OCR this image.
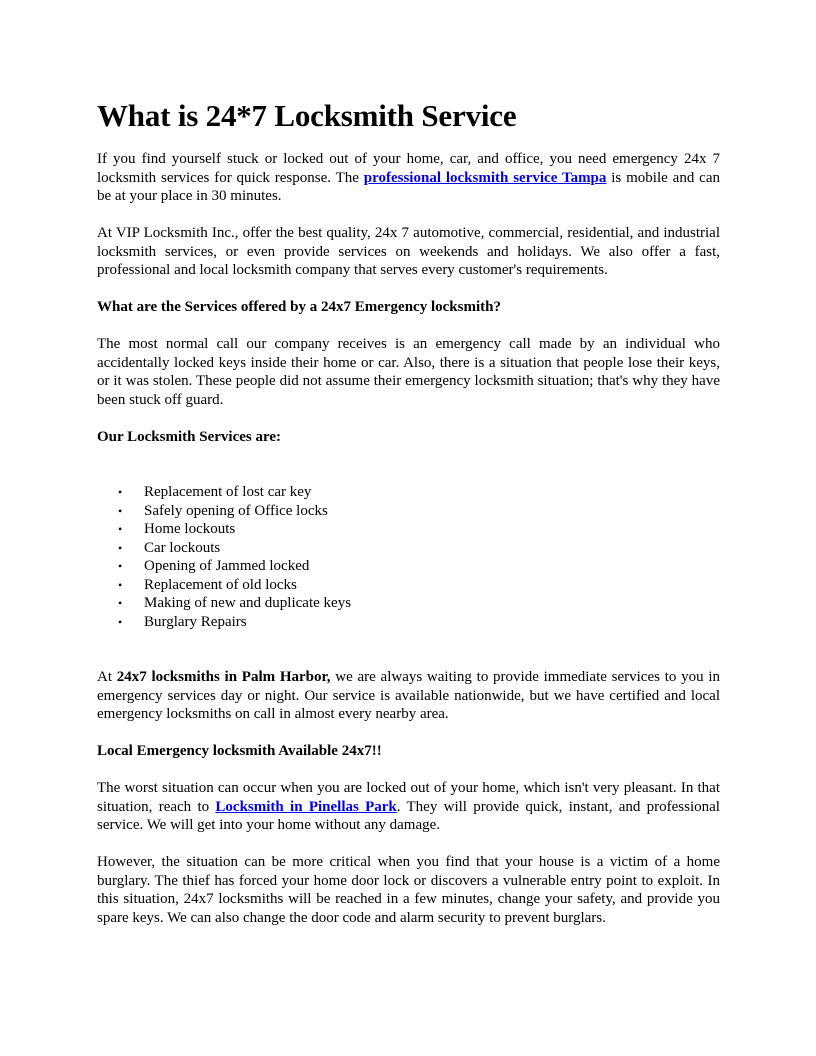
What is 24*7 Locksmith Service

If you find yourself stuck or locked out of your home, car, and office, you need emergency 24x 7 locksmith services for quick response. The professional locksmith service Tampa is mobile and can be at your place in 30 minutes.

At VIP Locksmith Inc., offer the best quality, 24x 7 automotive, commercial, residential, and industrial locksmith services, or even provide services on weekends and holidays. We also offer a fast, professional and local locksmith company that serves every customer's requirements.

What are the Services offered by a 24x7 Emergency locksmith?

The most normal call our company receives is an emergency call made by an individual who accidentally locked keys inside their home or car. Also, there is a situation that people lose their keys, or it was stolen. These people did not assume their emergency locksmith situation; that's why they have been stuck off guard.

Our Locksmith Services are:

• Replacement of lost car key
• Safely opening of Office locks
• Home lockouts
• Car lockouts
• Opening of Jammed locked
• Replacement of old locks
• Making of new and duplicate keys
• Burglary Repairs

At 24x7 locksmiths in Palm Harbor, we are always waiting to provide immediate services to you in emergency services day or night. Our service is available nationwide, but we have certified and local emergency locksmiths on call in almost every nearby area.

Local Emergency locksmith Available 24x7!!

The worst situation can occur when you are locked out of your home, which isn't very pleasant. In that situation, reach to Locksmith in Pinellas Park. They will provide quick, instant, and professional service. We will get into your home without any damage.

However, the situation can be more critical when you find that your house is a victim of a home burglary. The thief has forced your home door lock or discovers a vulnerable entry point to exploit. In this situation, 24x7 locksmiths will be reached in a few minutes, change your safety, and provide you spare keys. We can also change the door code and alarm security to prevent burglars.
